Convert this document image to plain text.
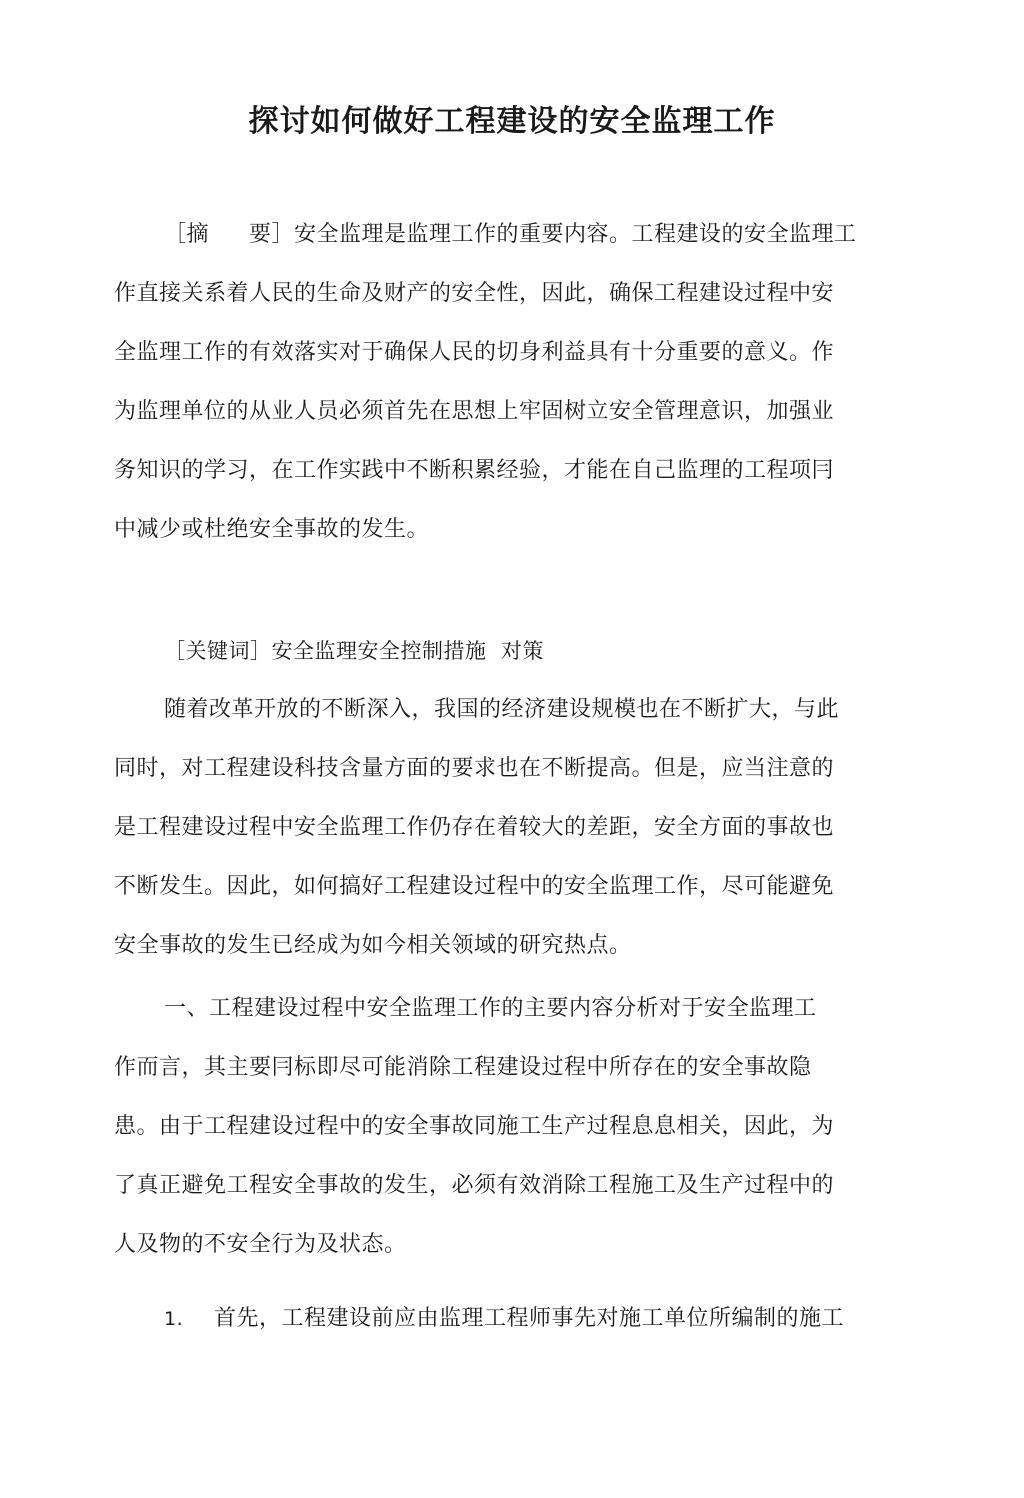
探讨如何做好工程建设的安全监理工作
［摘 要］安全监理是监理工作的重要内容。工程建设的安全监理工
作直接关系着人民的生命及财产的安全性，因此，确保工程建设过程中安
全监理工作的有效落实对于确保人民的切身利益具有十分重要的意义。作
为监理单位的从业人员必须首先在思想上牢固树立安全管理意识，加强业
务知识的学习，在工作实践中不断积累经验，才能在自己监理的工程项冃
中减少或杜绝安全事故的发生。
［关键词］安全监理安全控制措施  对策
随着改革开放的不断深入，我国的经济建设规模也在不断扩大，与此
同时，对工程建设科技含量方面的要求也在不断提高。但是，应当注意的
是工程建设过程中安全监理工作仍存在着较大的差距，安全方面的事故也
不断发生。因此，如何搞好工程建设过程中的安全监理工作，尽可能避免
安全事故的发生已经成为如今相关领域的研究热点。
一、工程建设过程中安全监理工作的主要内容分析对于安全监理工
作而言，其主要冃标即尽可能消除工程建设过程中所存在的安全事故隐
患。由于工程建设过程中的安全事故同施工生产过程息息相关，因此，为
了真正避免工程安全事故的发生，必须有效消除工程施工及生产过程中的
人及物的不安全行为及状态。
1. 首先，工程建设前应由监理工程师事先对施工单位所编制的施工
